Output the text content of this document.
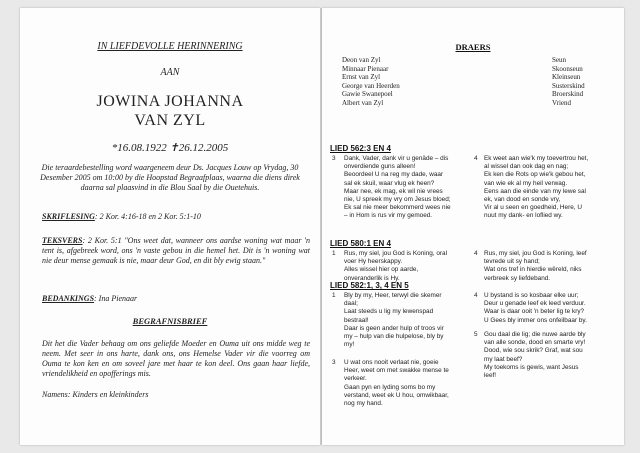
IN LIEFDEVOLLE HERINNERING
AAN
JOWINA JOHANNA
VAN ZYL
*16.08.1922 ✝26.12.2005
Die teraardebestelling word waargeneem deur Ds. Jacques Louw op Vrydag, 30 Desember 2005 om 10:00 by die Hoopstad Begraafplaas, waarna die diens direk daarna sal plaasvind in die Blou Saal by die Ouetehuis.
SKRIFLESING: 2 Kor. 4:16-18 en 2 Kor. 5:1-10
TEKSVERS: 2 Kor. 5:1 "Ons weet dat, wanneer ons aardse woning wat maar 'n tent is, afgebreek word, ons 'n vaste gebou in die hemel het. Dit is 'n woning wat nie deur mense gemaak is nie, maar deur God, en dit bly ewig staan."
BEDANKINGS: Ina Pienaar
BEGRAFNISBRIEF
Dit het die Vader behaag om ons geliefde Moeder en Ouma uit ons midde weg te neem. Met seer in ons harte, dank ons, ons Hemelse Vader vir die voorreg om Ouma te kon ken en om soveel jare met haar te kon deel. Ons gaan haar liefde, vriendelikheid en opofferings mis.
Namens: Kinders en kleinkinders
DRAERS
Deon van Zyl	Seun
Minnaar Pienaar	Skoonseun
Ernst van Zyl	Kleinseun
George van Heerden	Susterskind
Gawie Swanepoel	Broerskind
Albert van Zyl	Vriend
LIED 562:3 EN 4
3 Dank, Vader, dank vir u genäde – dis
onverdiende guns alleen!
Beoordeel U na reg my dade, waar
sal ek skuil, waar vlug ek heen?
Maar nee, ek mag, ek wil nie vrees
nie, U spreek my vry om Jesus bloed;
Ek sal nie meer bekommerd wees nie
– in Hom is rus vir my gemoed.
4 Ek weet aan wie'k my toevertrou het,
al wissel dan ook dag en nag;
Ek ken die Rots op wie'k gebou het,
van wie ek al my heil verwag.
Eens aan die einde van my lewe sal
ek, van dood en sonde vry,
Vir al u seen en goedheid, Here, U
nuut my dank- en loflied wy.
LIED 580:1 EN 4
1 Rus, my siel, jou God is Koning, oral
voer Hy heerskappy.
Alles wissel hier op aarde,
onveranderlik is Hy.
4 Rus, my siel, jou God is Koning, leef
tevrede uit sy hand;
Wat ons tref in hierdie wêreld, niks
verbreek sy liefdeband.
LIED 582:1, 3, 4 EN 5
1 Bly by my, Heer, terwyl die skemer
daal;
Laat steeds u lig my lewenspad
bestraal!
Daar is geen ander hulp of troos vir
my – hulp van die hulpelose, bly by
my!
4 U bystand is so kosbaar elke uur;
Deur u genade leef ek leed verduur.
Waar is daar ooit 'n beter lig te kry?
U Gees bly immer ons onfeilbaar by.
3 U wat ons nooit verlaat nie, goeie
Heer, weet om met swakke mense te
verkeer.
Gaan pyn en lyding soms bo my
verstand, weet ek U hou, omwikbaar,
nog my hand.
5 Gou daal die lig; die nuwe aarde bly
van alle sonde, dood en smarte vry!
Dood, wie sou skrik? Graf, wat sou
my laat beef?
My toekoms is gewis, want Jesus
leef!
